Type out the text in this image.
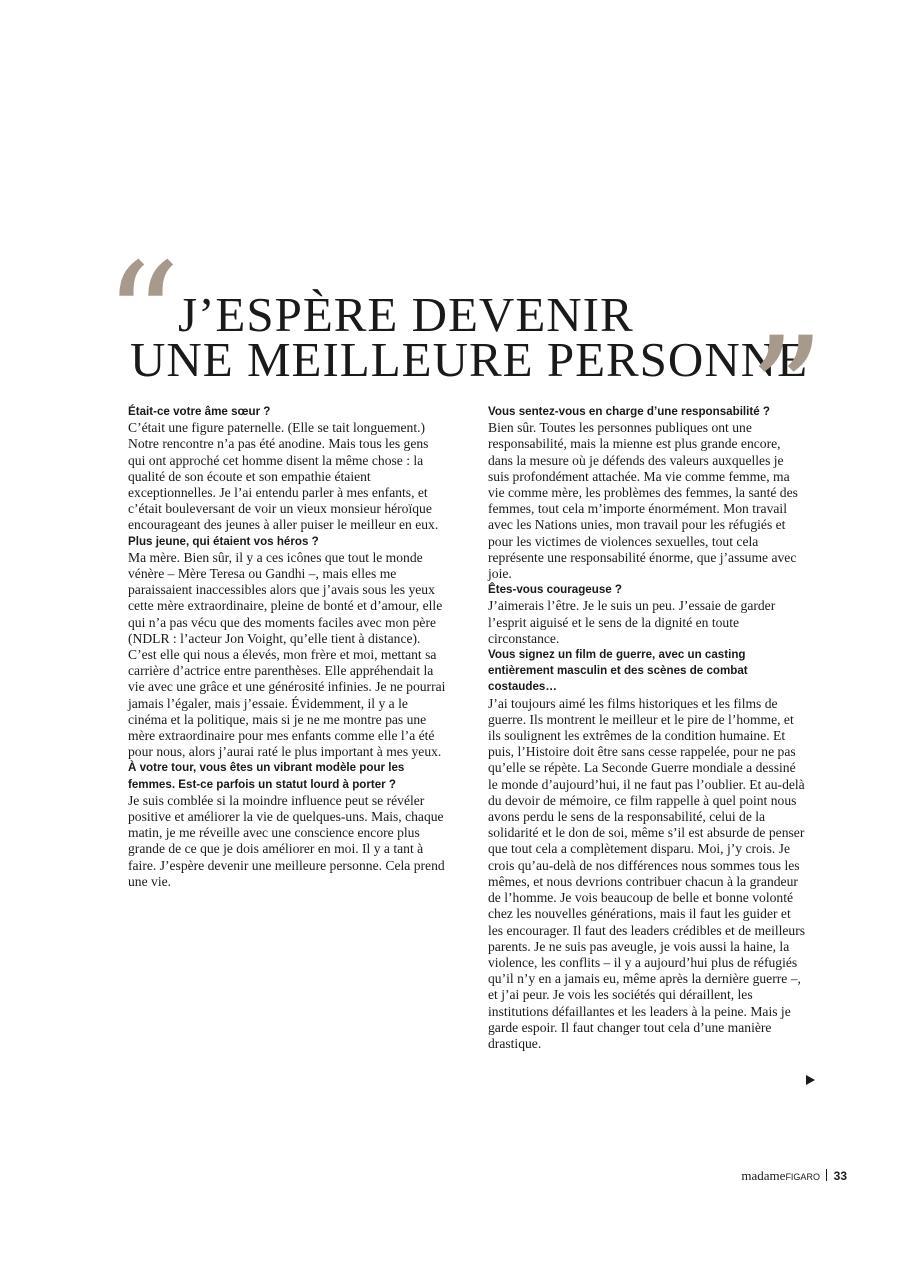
“
J’ESPÈRE DEVENIR
UNE MEILLEURE PERSONNE
”

Était-ce votre âme sœur ?

C’était une figure paternelle. (Elle se tait longuement.) Notre rencontre n’a pas été anodine. Mais tous les gens qui ont approché cet homme disent la même chose : la qualité de son écoute et son empathie étaient exceptionnelles. Je l’ai entendu parler à mes enfants, et c’était bouleversant de voir un vieux monsieur héroïque encourageant des jeunes à aller puiser le meilleur en eux.

Plus jeune, qui étaient vos héros ?

Ma mère. Bien sûr, il y a ces icônes que tout le monde vénère – Mère Teresa ou Gandhi –, mais elles me paraissaient inaccessibles alors que j’avais sous les yeux cette mère extraordinaire, pleine de bonté et d’amour, elle qui n’a pas vécu que des moments faciles avec mon père (NDLR : l’acteur Jon Voight, qu’elle tient à distance). C’est elle qui nous a élevés, mon frère et moi, mettant sa carrière d’actrice entre parenthèses. Elle appréhendait la vie avec une grâce et une générosité infinies. Je ne pourrai jamais l’égaler, mais j’essaie. Évidemment, il y a le cinéma et la politique, mais si je ne me montre pas une mère extraordinaire pour mes enfants comme elle l’a été pour nous, alors j’aurai raté le plus important à mes yeux.

À votre tour, vous êtes un vibrant modèle pour les femmes. Est-ce parfois un statut lourd à porter ?

Je suis comblée si la moindre influence peut se révéler positive et améliorer la vie de quelques-uns. Mais, chaque matin, je me réveille avec une conscience encore plus grande de ce que je dois améliorer en moi. Il y a tant à faire. J’espère devenir une meilleure personne. Cela prend une vie.

Vous sentez-vous en charge d’une responsabilité ?

Bien sûr. Toutes les personnes publiques ont une responsabilité, mais la mienne est plus grande encore, dans la mesure où je défends des valeurs auxquelles je suis profondément attachée. Ma vie comme femme, ma vie comme mère, les problèmes des femmes, la santé des femmes, tout cela m’importe énormément. Mon travail avec les Nations unies, mon travail pour les réfugiés et pour les victimes de violences sexuelles, tout cela représente une responsabilité énorme, que j’assume avec joie.

Êtes-vous courageuse ?

J’aimerais l’être. Je le suis un peu. J’essaie de garder l’esprit aiguisé et le sens de la dignité en toute circonstance.

Vous signez un film de guerre, avec un casting entièrement masculin et des scènes de combat costaudes…

J’ai toujours aimé les films historiques et les films de guerre. Ils montrent le meilleur et le pire de l’homme, et ils soulignent les extrêmes de la condition humaine. Et puis, l’Histoire doit être sans cesse rappelée, pour ne pas qu’elle se répète. La Seconde Guerre mondiale a dessiné le monde d’aujourd’hui, il ne faut pas l’oublier. Et au-delà du devoir de mémoire, ce film rappelle à quel point nous avons perdu le sens de la responsabilité, celui de la solidarité et le don de soi, même s’il est absurde de penser que tout cela a complètement disparu. Moi, j’y crois. Je crois qu’au-delà de nos différences nous sommes tous les mêmes, et nous devrions contribuer chacun à la grandeur de l’homme. Je vois beaucoup de belle et bonne volonté chez les nouvelles générations, mais il faut les guider et les encourager. Il faut des leaders crédibles et de meilleurs parents. Je ne suis pas aveugle, je vois aussi la haine, la violence, les conflits – il y a aujourd’hui plus de réfugiés qu’il n’y en a jamais eu, même après la dernière guerre –, et j’ai peur. Je vois les sociétés qui déraillent, les institutions défaillantes et les leaders à la peine. Mais je garde espoir. Il faut changer tout cela d’une manière drastique.

madameFIGARO 33
